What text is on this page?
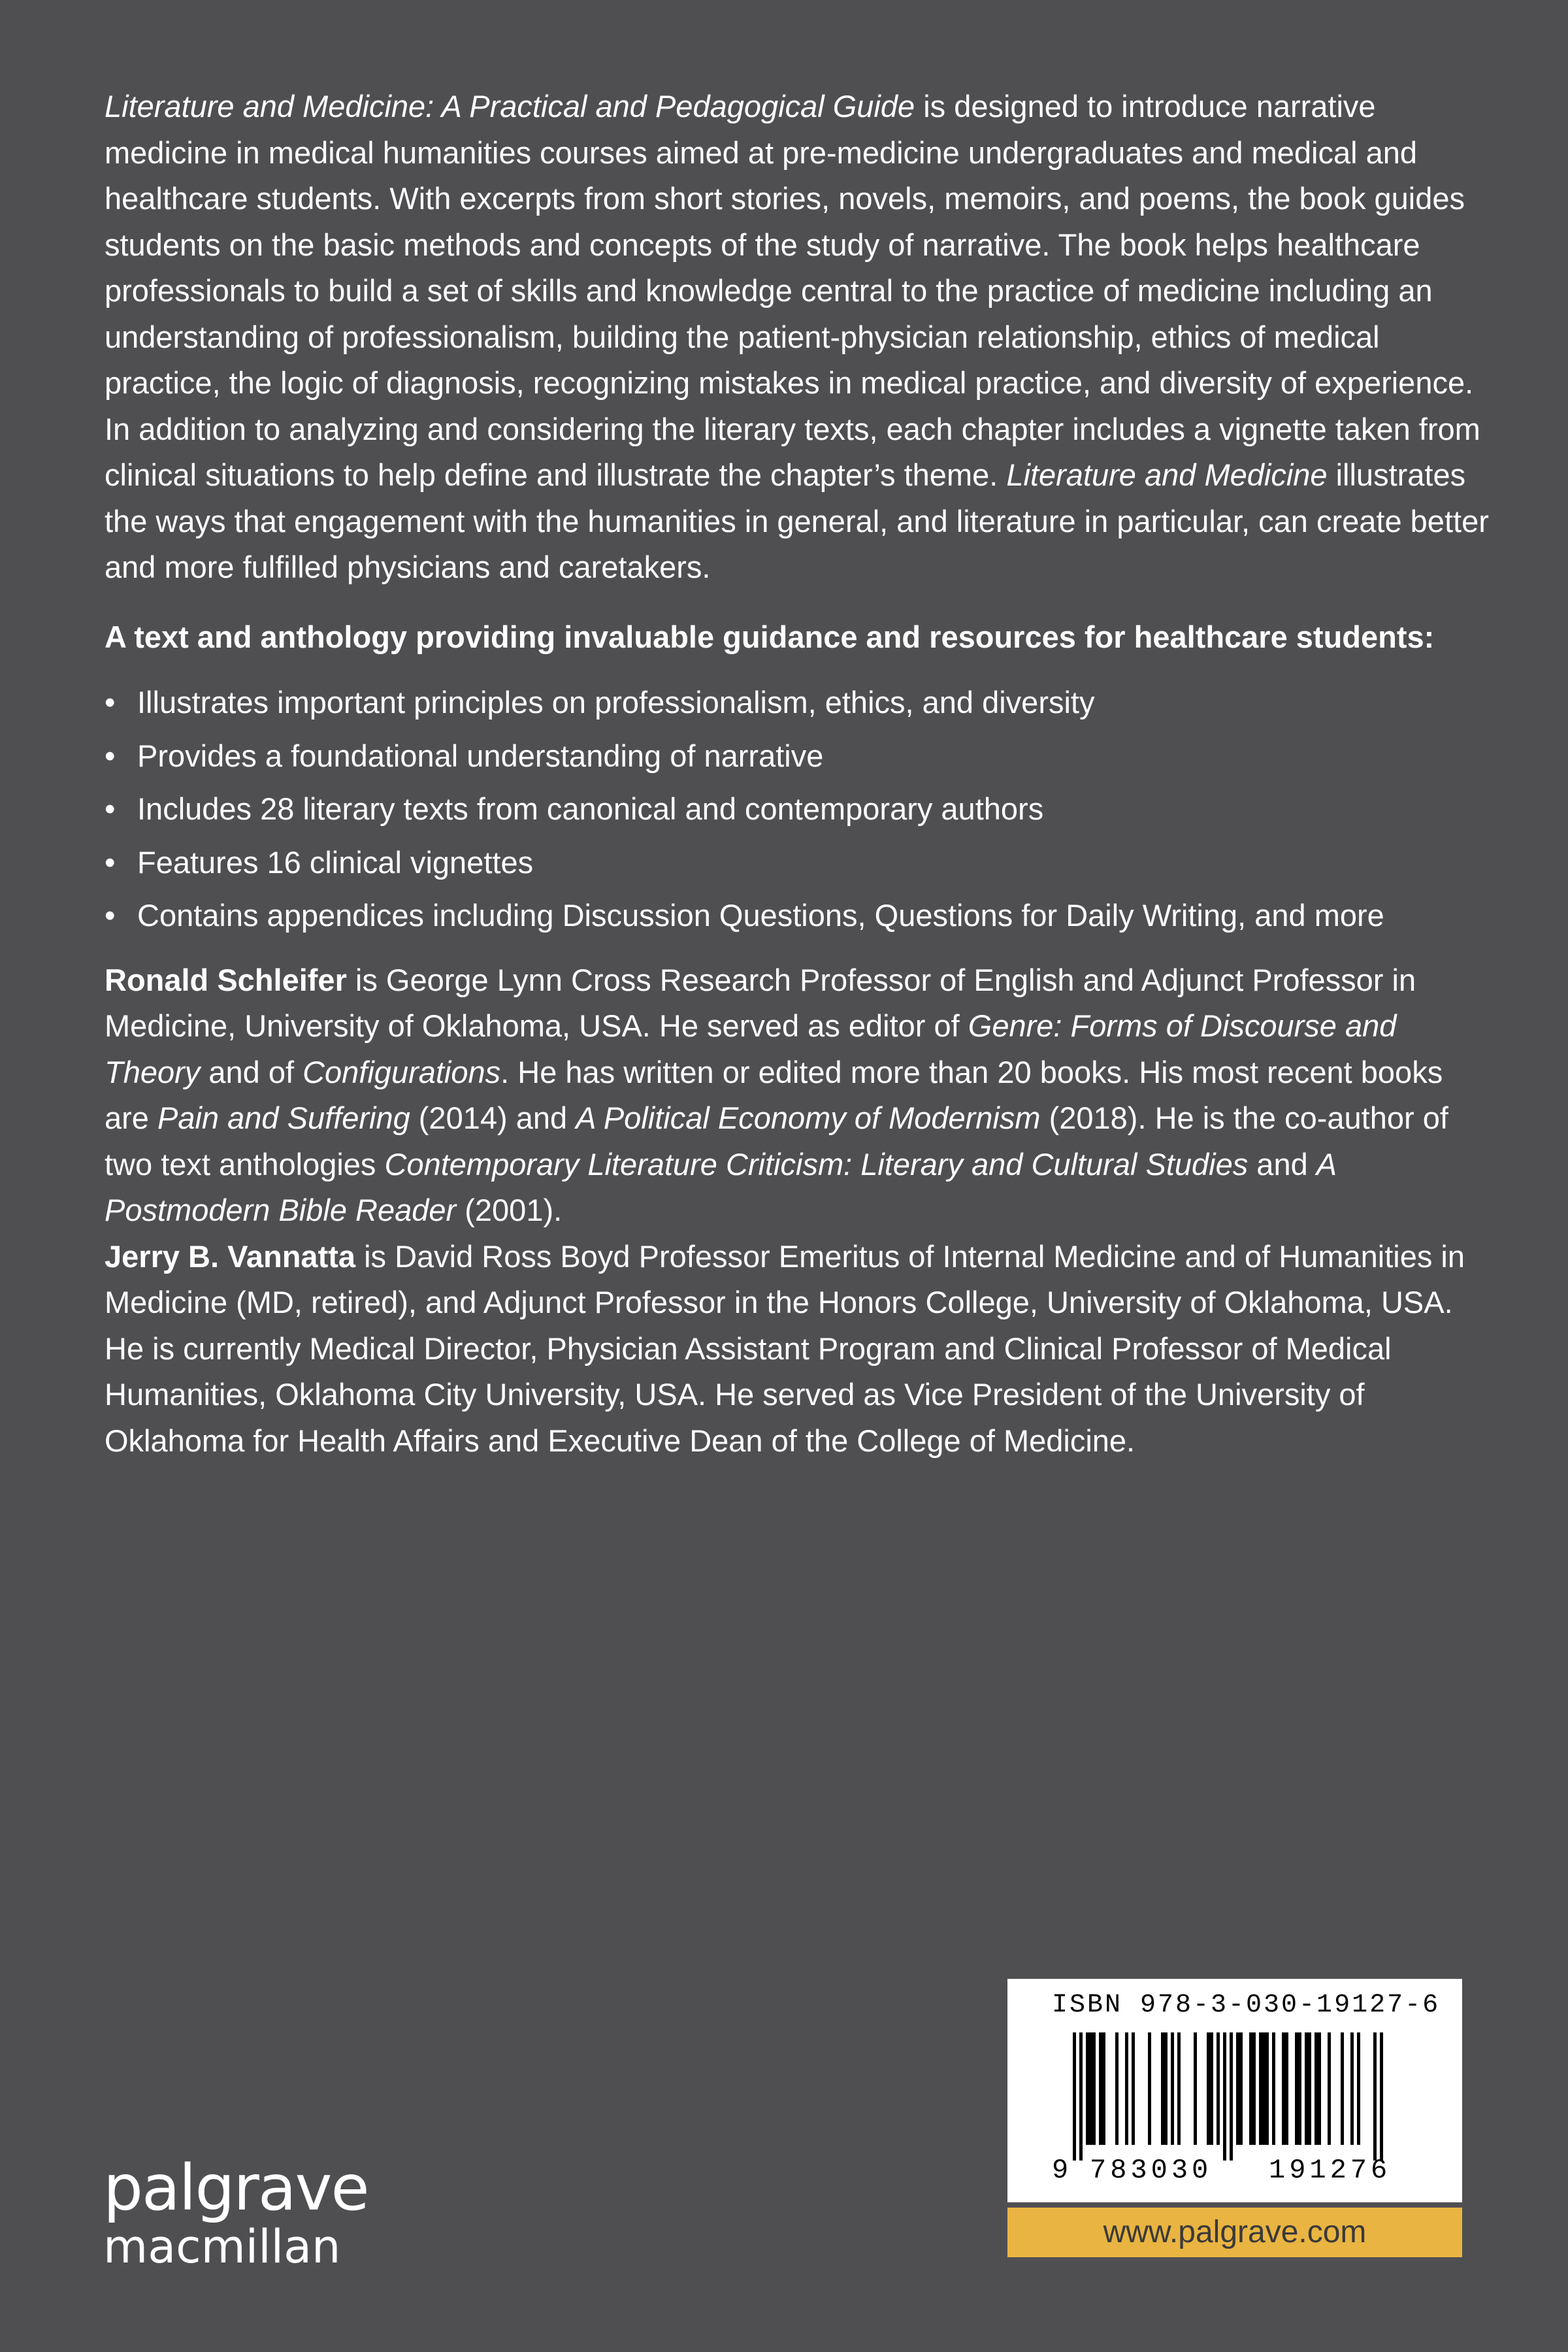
Literature and Medicine: A Practical and Pedagogical Guide is designed to introduce narrative medicine in medical humanities courses aimed at pre-medicine undergraduates and medical and healthcare students. With excerpts from short stories, novels, memoirs, and poems, the book guides students on the basic methods and concepts of the study of narrative. The book helps healthcare professionals to build a set of skills and knowledge central to the practice of medicine including an understanding of professionalism, building the patient-physician relationship, ethics of medical practice, the logic of diagnosis, recognizing mistakes in medical practice, and diversity of experience. In addition to analyzing and considering the literary texts, each chapter includes a vignette taken from clinical situations to help define and illustrate the chapter’s theme. Literature and Medicine illustrates the ways that engagement with the humanities in general, and literature in particular, can create better and more fulfilled physicians and caretakers.

A text and anthology providing invaluable guidance and resources for healthcare students:

• Illustrates important principles on professionalism, ethics, and diversity
• Provides a foundational understanding of narrative
• Includes 28 literary texts from canonical and contemporary authors
• Features 16 clinical vignettes
• Contains appendices including Discussion Questions, Questions for Daily Writing, and more

Ronald Schleifer is George Lynn Cross Research Professor of English and Adjunct Professor in Medicine, University of Oklahoma, USA. He served as editor of Genre: Forms of Discourse and Theory and of Configurations. He has written or edited more than 20 books. His most recent books are Pain and Suffering (2014) and A Political Economy of Modernism (2018). He is the co-author of two text anthologies Contemporary Literature Criticism: Literary and Cultural Studies and A Postmodern Bible Reader (2001).

Jerry B. Vannatta is David Ross Boyd Professor Emeritus of Internal Medicine and of Humanities in Medicine (MD, retired), and Adjunct Professor in the Honors College, University of Oklahoma, USA. He is currently Medical Director, Physician Assistant Program and Clinical Professor of Medical Humanities, Oklahoma City University, USA. He served as Vice President of the University of Oklahoma for Health Affairs and Executive Dean of the College of Medicine.

palgrave
macmillan
ISBN 978-3-030-19127-6
9 783030 191276
www.palgrave.com
